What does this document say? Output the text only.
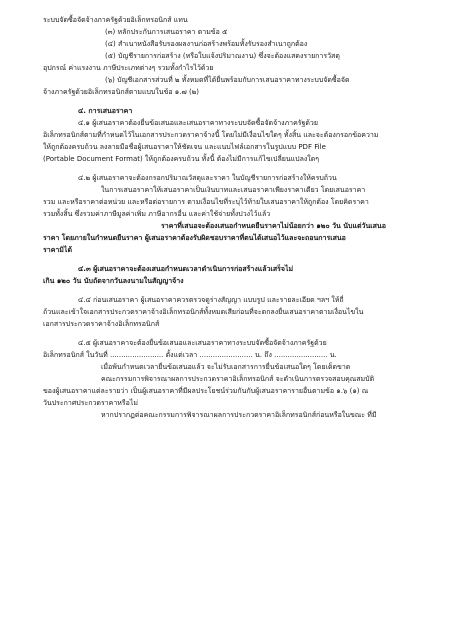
ระบบจัดซื้อจัดจ้างภาครัฐด้วยอิเล็กทรอนิกส์ แทน
(๓) หลักประกันการเสนอราคา ตามข้อ ๕
(๔) สำเนาหนังสือรับรองผลงานก่อสร้างพร้อมทั้งรับรองสำเนาถูกต้อง
(๕) บัญชีรายการก่อสร้าง (หรือใบแจ้งปริมาณงาน) ซึ่งจะต้องแสดงรายการวัสดุ
อุปกรณ์ ค่าแรงงาน ภาษีประเภทต่างๆ รวมทั้งกำไรไว้ด้วย
(๖) บัญชีเอกสารส่วนที่ ๒ ทั้งหมดที่ได้ยื่นพร้อมกับการเสนอราคาทางระบบจัดซื้อจัด
จ้างภาครัฐด้วยอิเล็กทรอนิกส์ตามแบบในข้อ ๑.๗ (๒)
๔. การเสนอราคา
๔.๑ ผู้เสนอราคาต้องยื่นข้อเสนอและเสนอราคาทางระบบจัดซื้อจัดจ้างภาครัฐด้วย
อิเล็กทรอนิกส์ตามที่กำหนดไว้ในเอกสารประกวดราคาจ้างนี้ โดยไม่มีเงื่อนไขใดๆ ทั้งสิ้น และจะต้องกรอกข้อความ
ให้ถูกต้องครบถ้วน ลงลายมือชื่อผู้เสนอราคาให้ชัดเจน และแนบไฟล์เอกสารในรูปแบบ PDF File
(Portable Document Format) ให้ถูกต้องครบถ้วน ทั้งนี้ ต้องไม่มีการแก้ไขเปลี่ยนแปลงใดๆ
๔.๒ ผู้เสนอราคาจะต้องกรอกปริมาณวัสดุและราคา ในบัญชีรายการก่อสร้างให้ครบถ้วน
ในการเสนอราคาให้เสนอราคาเป็นเงินบาทและเสนอราคาเพียงราคาเดียว โดยเสนอราคา
รวม และหรือราคาต่อหน่วย และหรือต่อรายการ ตามเงื่อนไขที่ระบุไว้ท้ายใบเสนอราคาให้ถูกต้อง โดยคิดราคา
รวมทั้งสิ้น ซึ่งรวมค่าภาษีมูลค่าเพิ่ม ภาษีอากรอื่น และค่าใช้จ่ายทั้งปวงไว้แล้ว
ราคาที่เสนอจะต้องเสนอกำหนดยืนราคาไม่น้อยกว่า ๑๒๐ วัน นับแต่วันเสนอ
ราคา โดยภายในกำหนดยืนราคา ผู้เสนอราคาต้องรับผิดชอบราคาที่ตนได้เสนอไว้และจะถอนการเสนอ
ราคามิได้
๔.๓ ผู้เสนอราคาจะต้องเสนอกำหนดเวลาดำเนินการก่อสร้างแล้วเสร็จไม่
เกิน ๑๒๐ วัน นับถัดจากวันลงนามในสัญญาจ้าง
๔.๔ ก่อนเสนอราคา ผู้เสนอราคาควรตรวจดูร่างสัญญา แบบรูป และรายละเอียด ฯลฯ ให้ถี่
ถ้วนและเข้าใจเอกสารประกวดราคาจ้างอิเล็กทรอนิกส์ทั้งหมดเสียก่อนที่จะตกลงยื่นเสนอราคาตามเงื่อนไขใน
เอกสารประกวดราคาจ้างอิเล็กทรอนิกส์
๔.๕ ผู้เสนอราคาจะต้องยื่นข้อเสนอและเสนอราคาทางระบบจัดซื้อจัดจ้างภาครัฐด้วย
อิเล็กทรอนิกส์ ในวันที่ ........................ ตั้งแต่เวลา ........................ น. ถึง ........................ น.
เมื่อพ้นกำหนดเวลายื่นข้อเสนอแล้ว จะไม่รับเอกสารการยื่นข้อเสนอใดๆ โดยเด็ดขาด
คณะกรรมการพิจารณาผลการประกวดราคาอิเล็กทรอนิกส์ จะดำเนินการตรวจสอบคุณสมบัติ
ของผู้เสนอราคาแต่ละรายว่า เป็นผู้เสนอราคาที่มีผลประโยชน์ร่วมกันกับผู้เสนอราคารายอื่นตามข้อ ๑.๖ (๑) ณ
วันประกาศประกวดราคาหรือไม่
หากปรากฏต่อคณะกรรมการพิจารณาผลการประกวดราคาอิเล็กทรอนิกส์ก่อนหรือในขณะ ที่มี
